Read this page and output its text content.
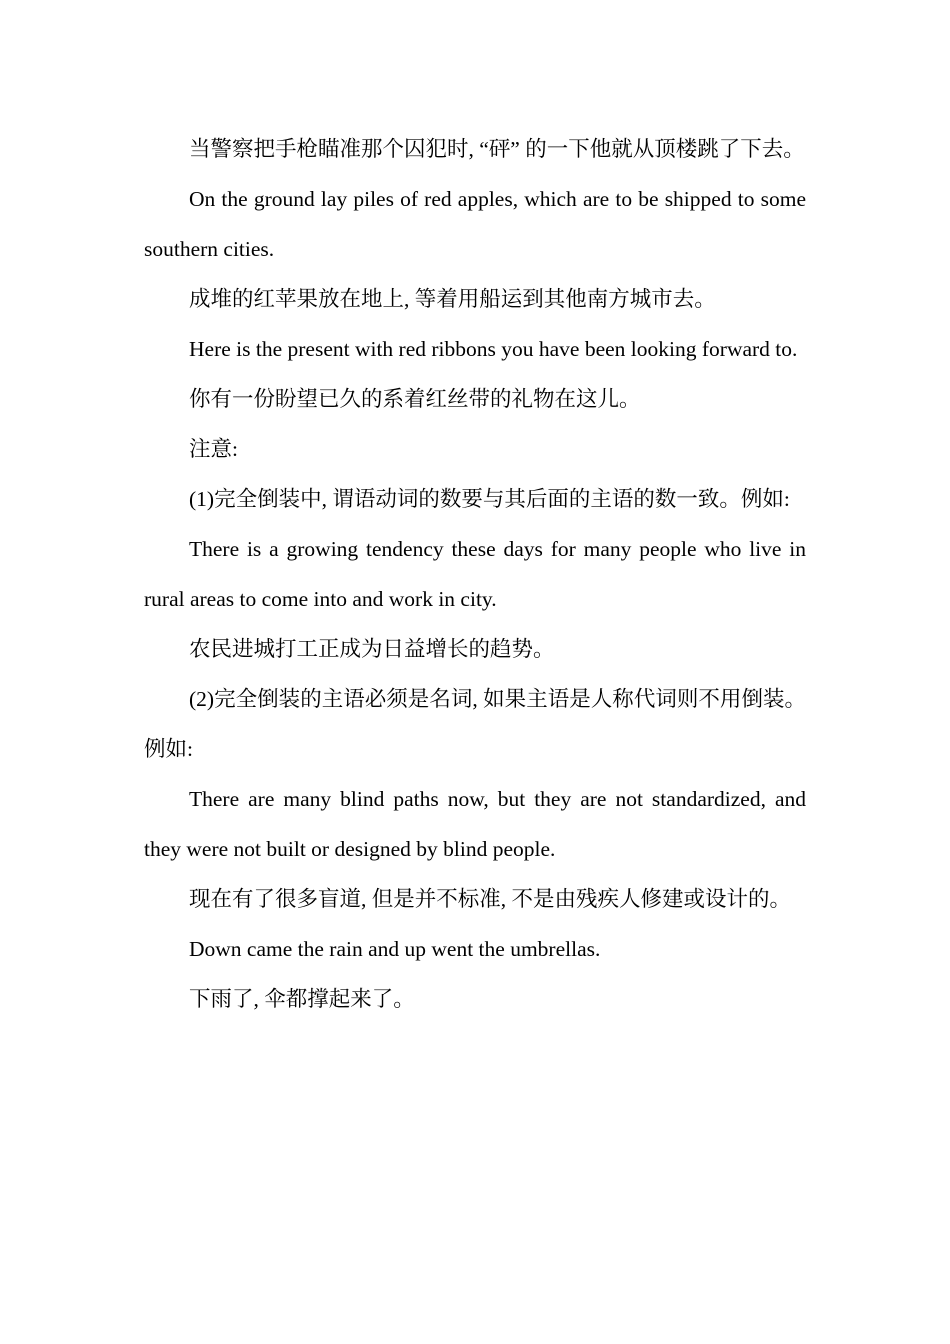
当警察把手枪瞄准那个囚犯时, “砰” 的一下他就从顶楼跳了下去。

On the ground lay piles of red apples, which are to be shipped to some southern cities.

成堆的红苹果放在地上, 等着用船运到其他南方城市去。

Here is the present with red ribbons you have been looking forward to.

你有一份盼望已久的系着红丝带的礼物在这儿。

注意:

(1)完全倒装中, 谓语动词的数要与其后面的主语的数一致。例如:

There is a growing tendency these days for many people who live in rural areas to come into and work in city.

农民进城打工正成为日益增长的趋势。

(2)完全倒装的主语必须是名词, 如果主语是人称代词则不用倒装。例如:

There are many blind paths now, but they are not standardized, and they were not built or designed by blind people.

现在有了很多盲道, 但是并不标准, 不是由残疾人修建或设计的。

Down came the rain and up went the umbrellas.

下雨了, 伞都撑起来了。
